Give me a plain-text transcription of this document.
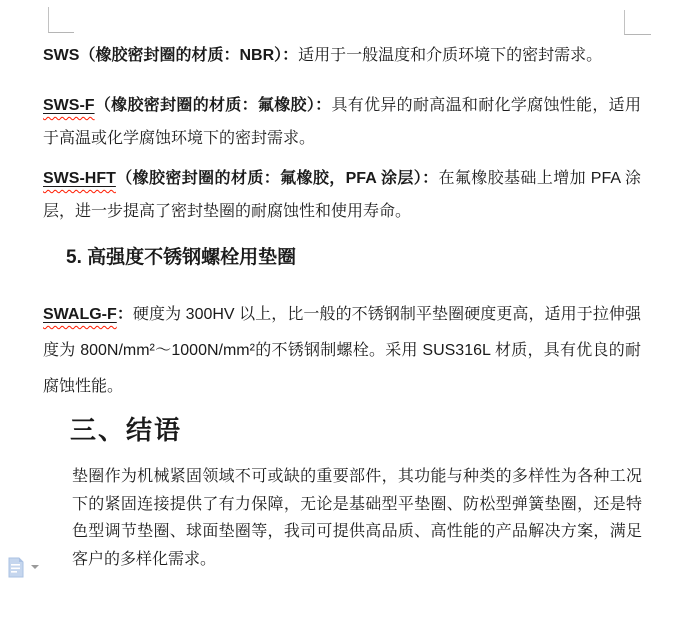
SWS（橡胶密封圈的材质：NBR）：适用于一般温度和介质环境下的密封需求。

SWS-F（橡胶密封圈的材质：氟橡胶）：具有优异的耐高温和耐化学腐蚀性能，适用于高温或化学腐蚀环境下的密封需求。

SWS-HFT（橡胶密封圈的材质：氟橡胶，PFA 涂层）：在氟橡胶基础上增加 PFA 涂层，进一步提高了密封垫圈的耐腐蚀性和使用寿命。

5. 高强度不锈钢螺栓用垫圈

SWALG-F：硬度为 300HV 以上，比一般的不锈钢制平垫圈硬度更高，适用于拉伸强度为 800N/mm²～1000N/mm²的不锈钢制螺栓。采用 SUS316L 材质，具有优良的耐腐蚀性能。

三、结语

垫圈作为机械紧固领域不可或缺的重要部件，其功能与种类的多样性为各种工况下的紧固连接提供了有力保障，无论是基础型平垫圈、防松型弹簧垫圈，还是特色型调节垫圈、球面垫圈等，我司可提供高品质、高性能的产品解决方案，满足客户的多样化需求。
